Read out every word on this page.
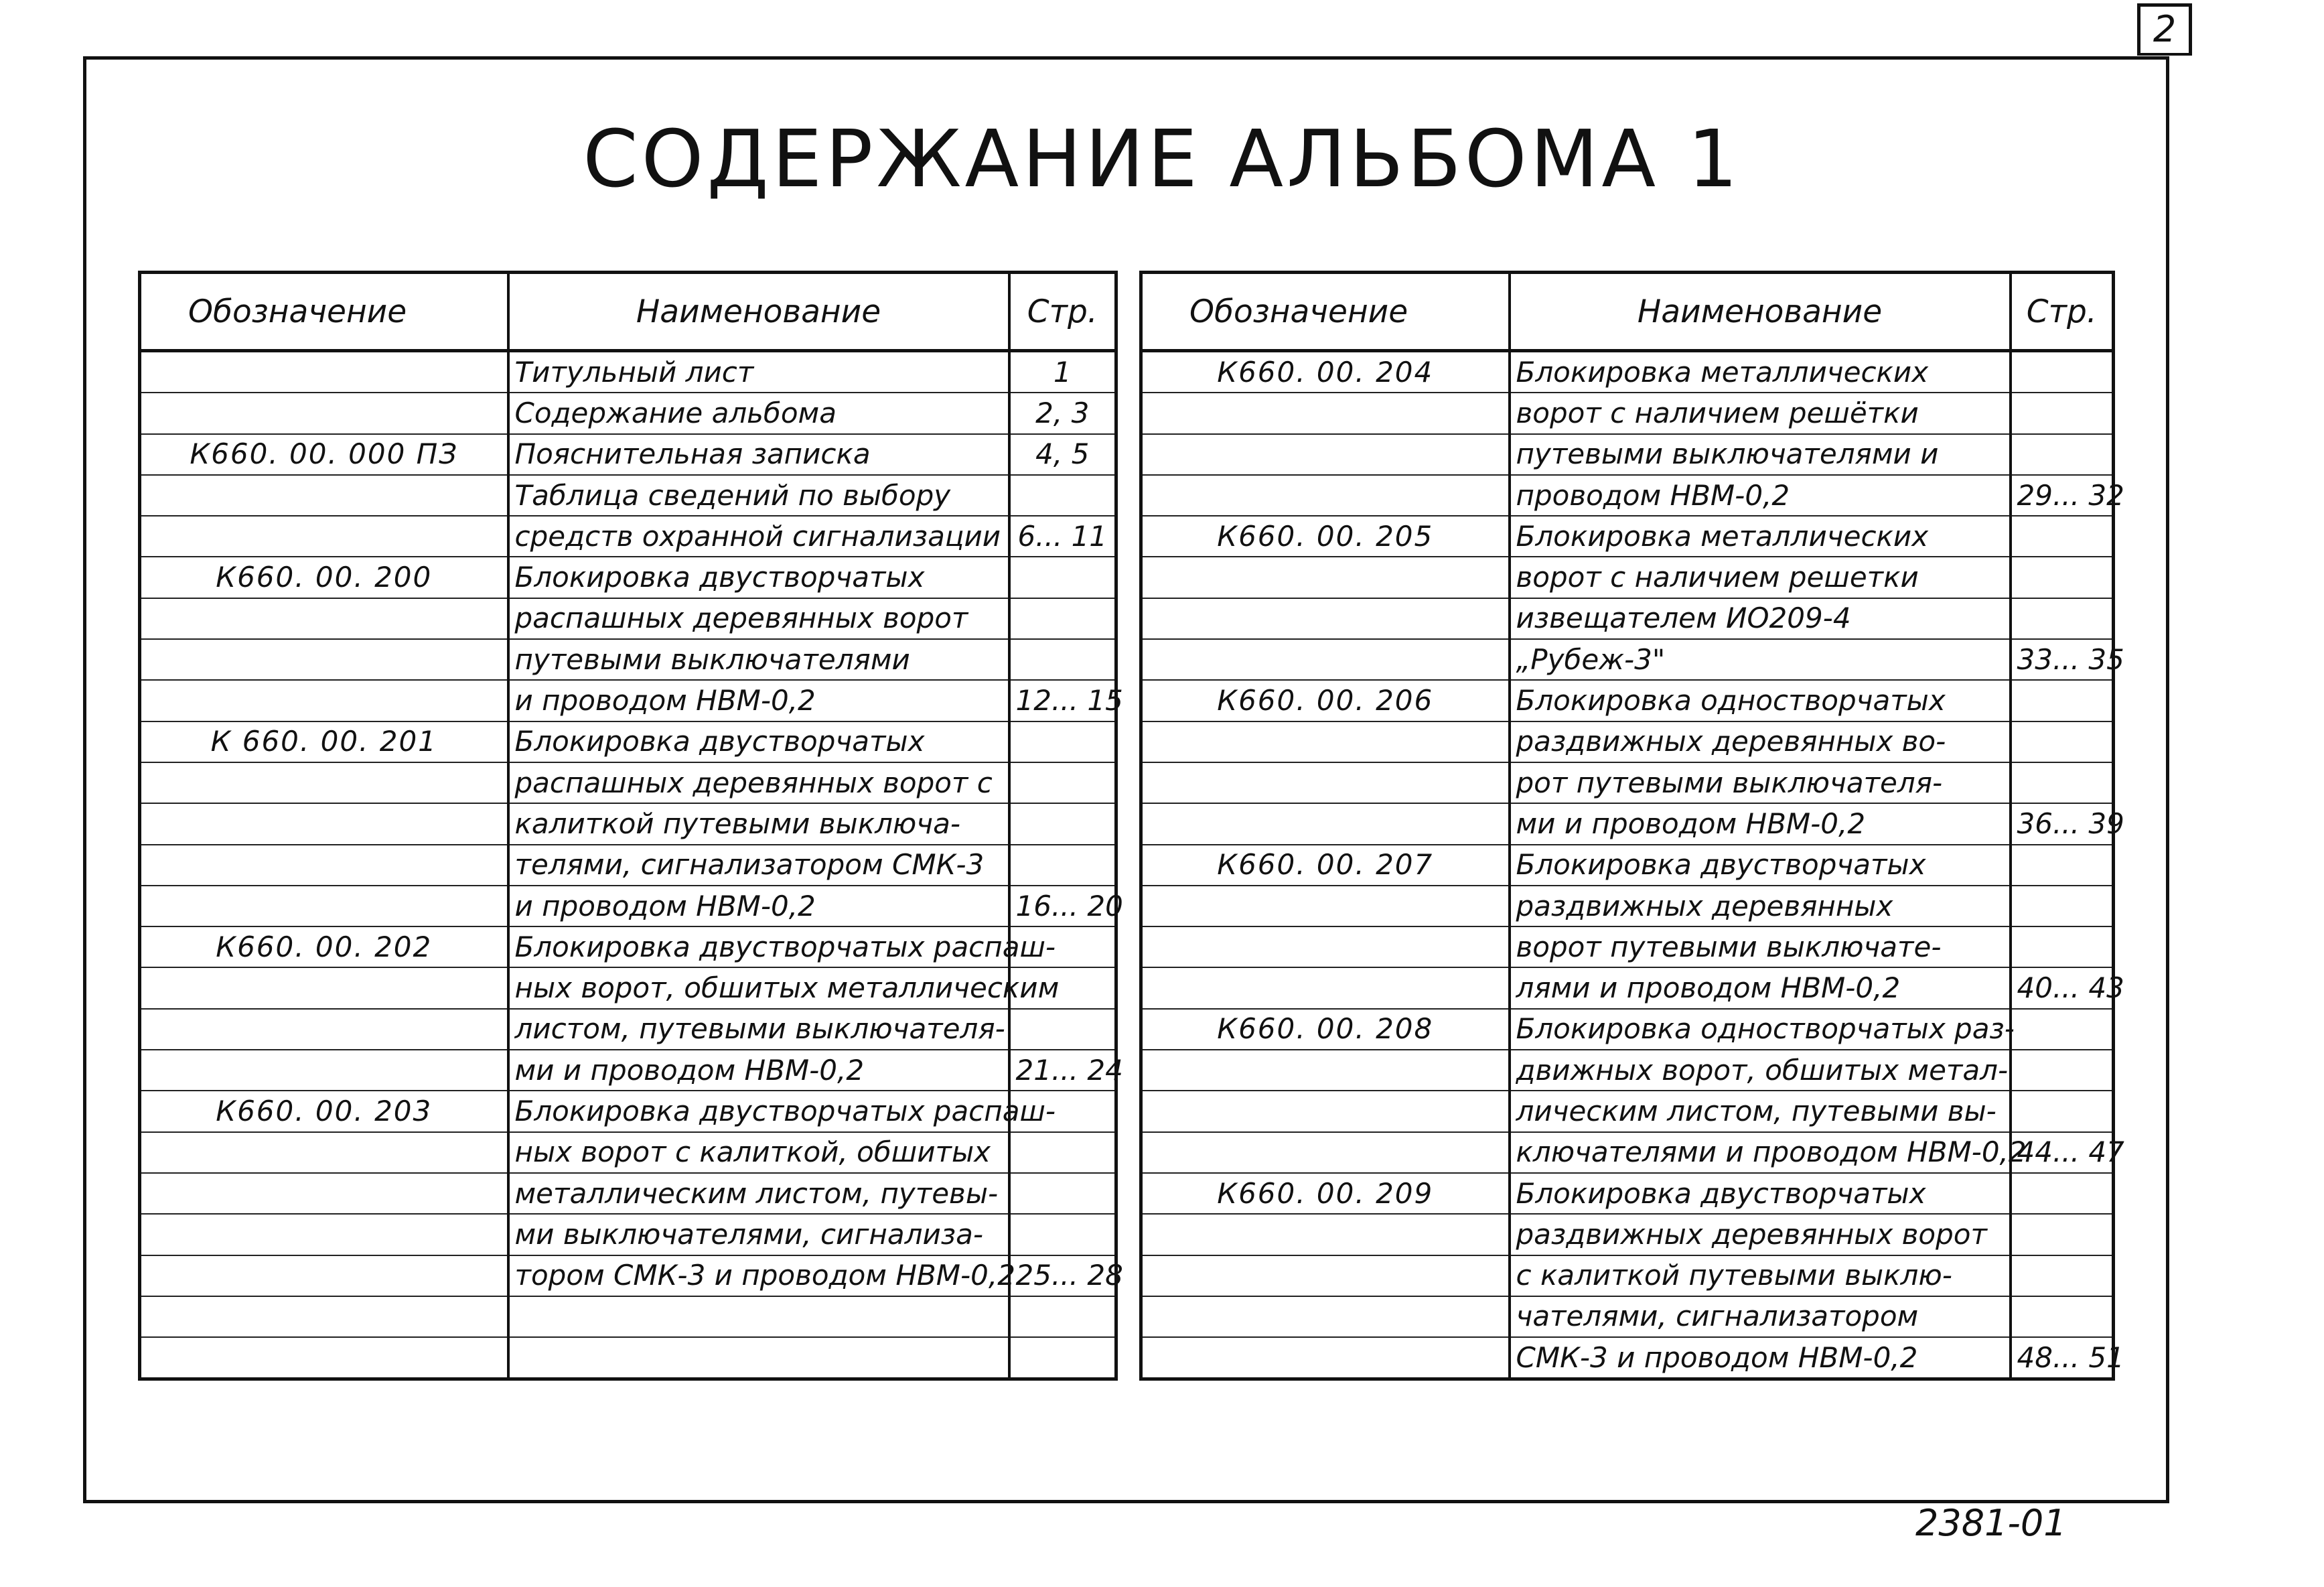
2
СОДЕРЖАНИЕ АЛЬБОМА 1
Обозначение	Наименование	Стр.
	Титульный лист	1
	Содержание альбома	2, 3
К660. 00. 000 ПЗ	Пояснительная записка	4, 5
	Таблица сведений по выбору	
	средств охранной сигнализации	6... 11
К660. 00. 200	Блокировка двустворчатых	
	распашных деревянных ворот	
	путевыми выключателями	
	и проводом НВМ-0,2	12... 15
К 660. 00. 201	Блокировка двустворчатых	
	распашных деревянных ворот с	
	калиткой путевыми выключа-	
	телями, сигнализатором СМК-3	
	и проводом НВМ-0,2	16... 20
К660. 00. 202	Блокировка двустворчатых распаш-	
	ных ворот, обшитых металлическим	
	листом, путевыми выключателя-	
	ми и проводом НВМ-0,2	21... 24
К660. 00. 203	Блокировка двустворчатых распаш-	
	ных ворот с калиткой, обшитых	
	металлическим листом, путевы-	
	ми выключателями, сигнализа-	
	тором СМК-3 и проводом НВМ-0,2	25... 28

Обозначение	Наименование	Стр.
К660. 00. 204	Блокировка металлических	
	ворот с наличием решётки	
	путевыми выключателями и	
	проводом НВМ-0,2	29... 32
К660. 00. 205	Блокировка металлических	
	ворот с наличием решетки	
	извещателем ИО209-4	
	„Рубеж-3"	33... 35
К660. 00. 206	Блокировка одностворчатых	
	раздвижных деревянных во-	
	рот путевыми выключателя-	
	ми и проводом НВМ-0,2	36... 39
К660. 00. 207	Блокировка двустворчатых	
	раздвижных деревянных	
	ворот путевыми выключате-	
	лями и проводом НВМ-0,2	40... 43
К660. 00. 208	Блокировка одностворчатых раз-	
	движных ворот, обшитых метал-	
	лическим листом, путевыми вы-	
	ключателями и проводом НВМ-0,2	44... 47
К660. 00. 209	Блокировка двустворчатых	
	раздвижных деревянных ворот	
	с калиткой путевыми выклю-	
	чателями, сигнализатором	
	СМК-3 и проводом НВМ-0,2	48... 51
2381-01
